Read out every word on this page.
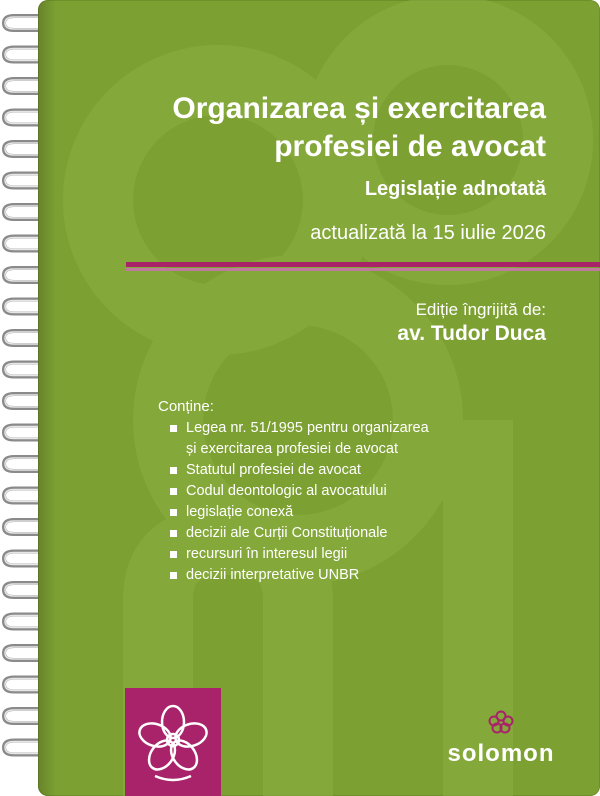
Organizarea și exercitarea profesiei de avocat
Legislație adnotată
actualizată la 15 iulie 2026
Ediție îngrijită de:
av. Tudor Duca
Conține:
Legea nr. 51/1995 pentru organizarea
și exercitarea profesiei de avocat
Statutul profesiei de avocat
Codul deontologic al avocatului
legislație conexă
decizii ale Curții Constituționale
recursuri în interesul legii
decizii interpretative UNBR
solomon
